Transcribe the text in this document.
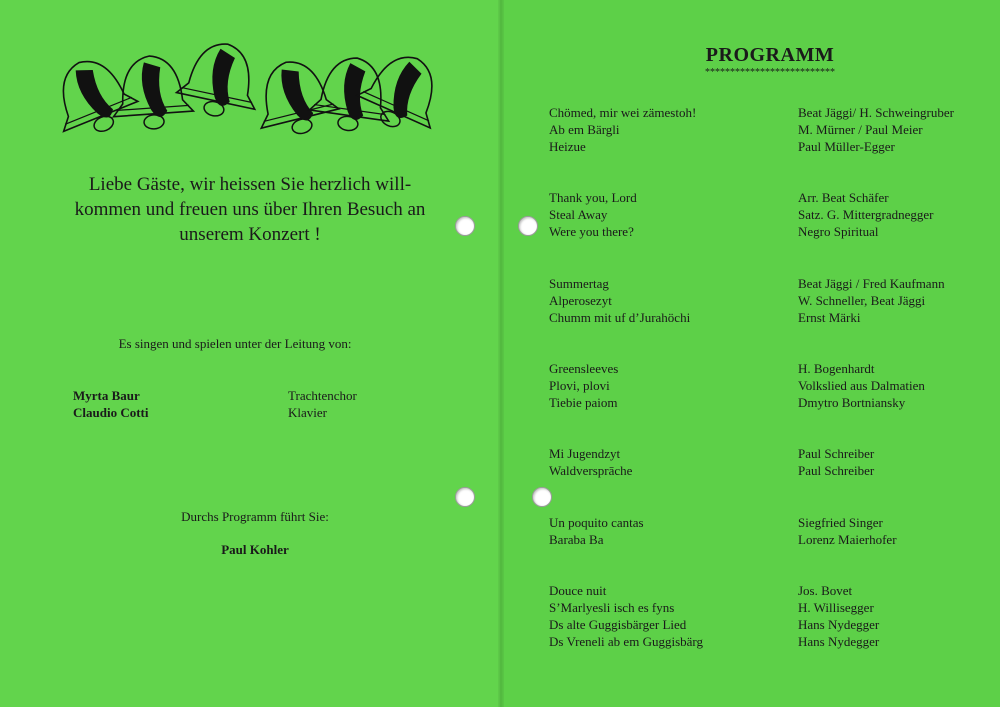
Liebe Gäste, wir heissen Sie herzlich will-
kommen und freuen uns über Ihren Besuch an
unserem Konzert !
Es singen und spielen unter der Leitung von:
Myrta Baur	Trachtenchor
Claudio Cotti	Klavier
Durchs Programm führt Sie:
Paul Kohler
PROGRAMM
**************************
Chömed, mir wei zämestoh!
Ab em Bärgli
Heizue
Beat Jäggi/ H. Schweingruber
M. Mürner / Paul Meier
Paul Müller-Egger
Thank you, Lord
Steal Away
Were you there?
Arr. Beat Schäfer
Satz. G. Mittergradnegger
Negro Spiritual
Summertag
Alperosezyt
Chumm mit uf d’Jurahöchi
Beat Jäggi / Fred Kaufmann
W. Schneller, Beat Jäggi
Ernst Märki
Greensleeves
Plovi, plovi
Tiebie paiom
H. Bogenhardt
Volkslied aus Dalmatien
Dmytro Bortniansky
Mi Jugendzyt
Waldversprāche
Paul Schreiber
Paul Schreiber
Un poquito cantas
Baraba Ba
Siegfried Singer
Lorenz Maierhofer
Douce nuit
S’Marlyesli isch es fyns
Ds alte Guggisbärger Lied
Ds Vreneli ab em Guggisbärg
Jos. Bovet
H. Willisegger
Hans Nydegger
Hans Nydegger
